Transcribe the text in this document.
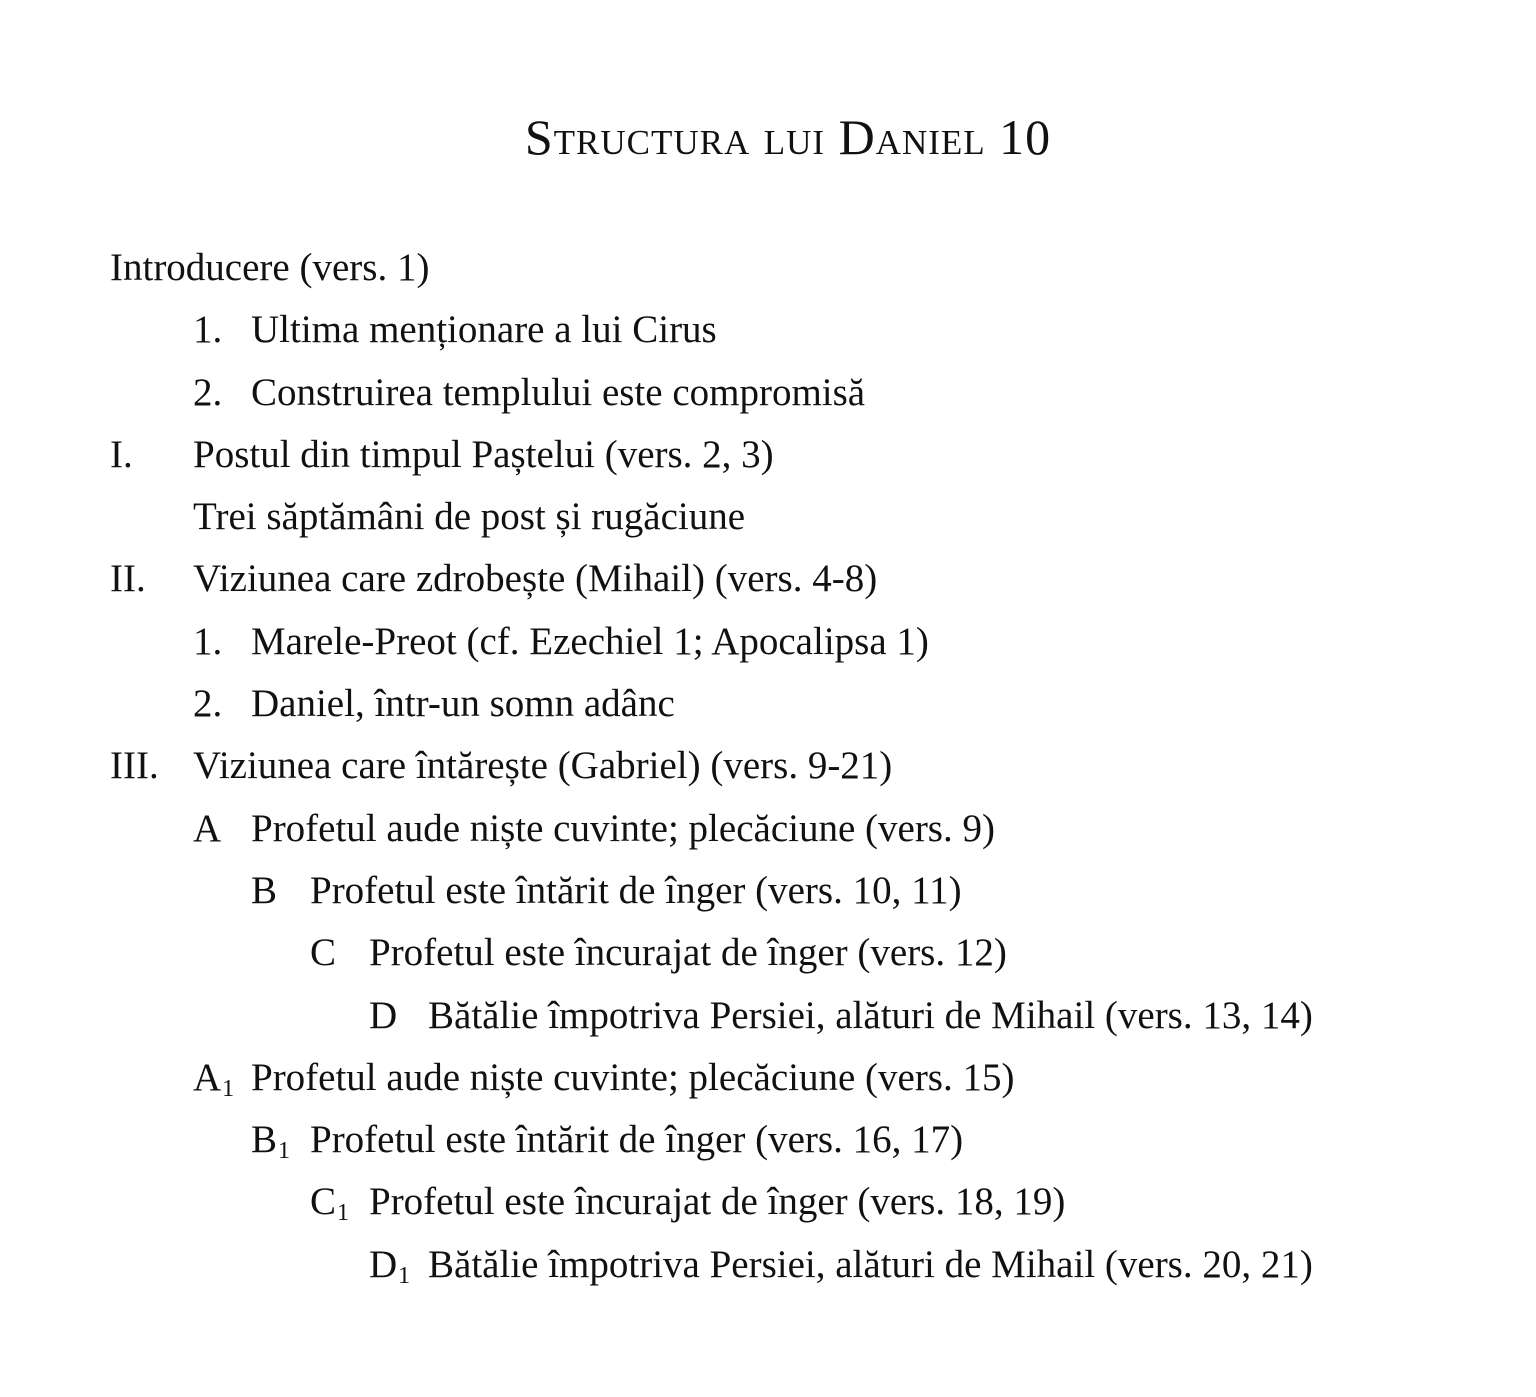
Structura lui Daniel 10
Introducere (vers. 1)
1. Ultima menționare a lui Cirus
2. Construirea templului este compromisă
I. Postul din timpul Paștelui (vers. 2, 3)
Trei săptămâni de post și rugăciune
II. Viziunea care zdrobește (Mihail) (vers. 4-8)
1. Marele-Preot (cf. Ezechiel 1; Apocalipsa 1)
2. Daniel, într-un somn adânc
III. Viziunea care întărește (Gabriel) (vers. 9-21)
A Profetul aude niște cuvinte; plecăciune (vers. 9)
B Profetul este întărit de înger (vers. 10, 11)
C Profetul este încurajat de înger (vers. 12)
D Bătălie împotriva Persiei, alături de Mihail (vers. 13, 14)
$A_1$ Profetul aude niște cuvinte; plecăciune (vers. 15)
$B_1$ Profetul este întărit de înger (vers. 16, 17)
$C_1$ Profetul este încurajat de înger (vers. 18, 19)
$D_1$ Bătălie împotriva Persiei, alături de Mihail (vers. 20, 21)
